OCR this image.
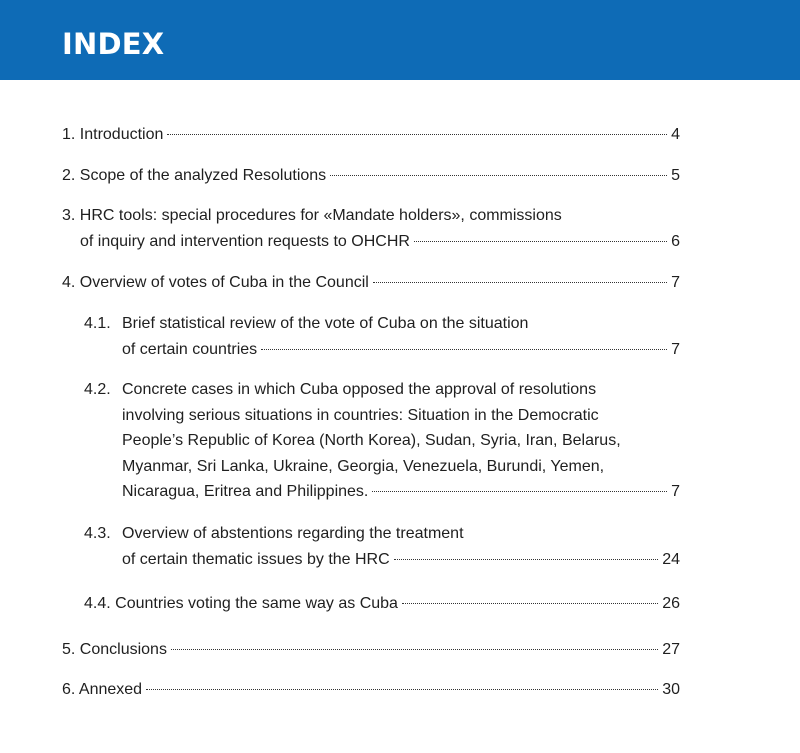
INDEX
1. Introduction	4
2. Scope of the analyzed Resolutions	5
3. HRC tools: special procedures for «Mandate holders», commissions
of inquiry and intervention requests to OHCHR	6
4. Overview of votes of Cuba in the Council	7
4.1. Brief statistical review of the vote of Cuba on the situation
of certain countries	7
4.2. Concrete cases in which Cuba opposed the approval of resolutions
involving serious situations in countries: Situation in the Democratic
People’s Republic of Korea (North Korea), Sudan, Syria, Iran, Belarus,
Myanmar, Sri Lanka, Ukraine, Georgia, Venezuela, Burundi, Yemen,
Nicaragua, Eritrea and Philippines.	7
4.3. Overview of abstentions regarding the treatment
of certain thematic issues by the HRC	24
4.4. Countries voting the same way as Cuba	26
5. Conclusions	27
6. Annexed	30
